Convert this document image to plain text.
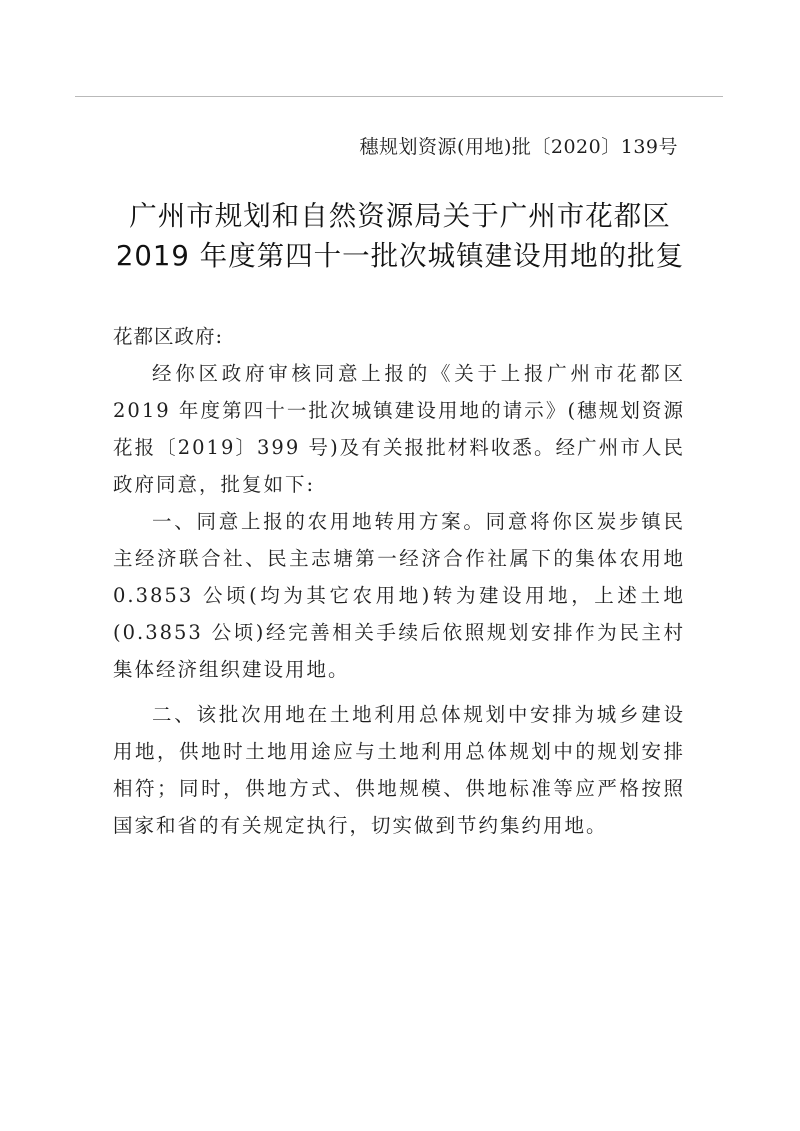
穗规划资源(用地)批〔2020〕139号
广州市规划和自然资源局关于广州市花都区
2019 年度第四十一批次城镇建设用地的批复
花都区政府:
经你区政府审核同意上报的《关于上报广州市花都区 2019 年度第四十一批次城镇建设用地的请示》(穗规划资源花报〔2019〕399 号)及有关报批材料收悉。经广州市人民政府同意，批复如下:
一、同意上报的农用地转用方案。同意将你区炭步镇民主经济联合社、民主志塘第一经济合作社属下的集体农用地 0.3853 公顷(均为其它农用地)转为建设用地，上述土地(0.3853 公顷)经完善相关手续后依照规划安排作为民主村集体经济组织建设用地。
二、该批次用地在土地利用总体规划中安排为城乡建设用地，供地时土地用途应与土地利用总体规划中的规划安排相符；同时，供地方式、供地规模、供地标准等应严格按照国家和省的有关规定执行，切实做到节约集约用地。
